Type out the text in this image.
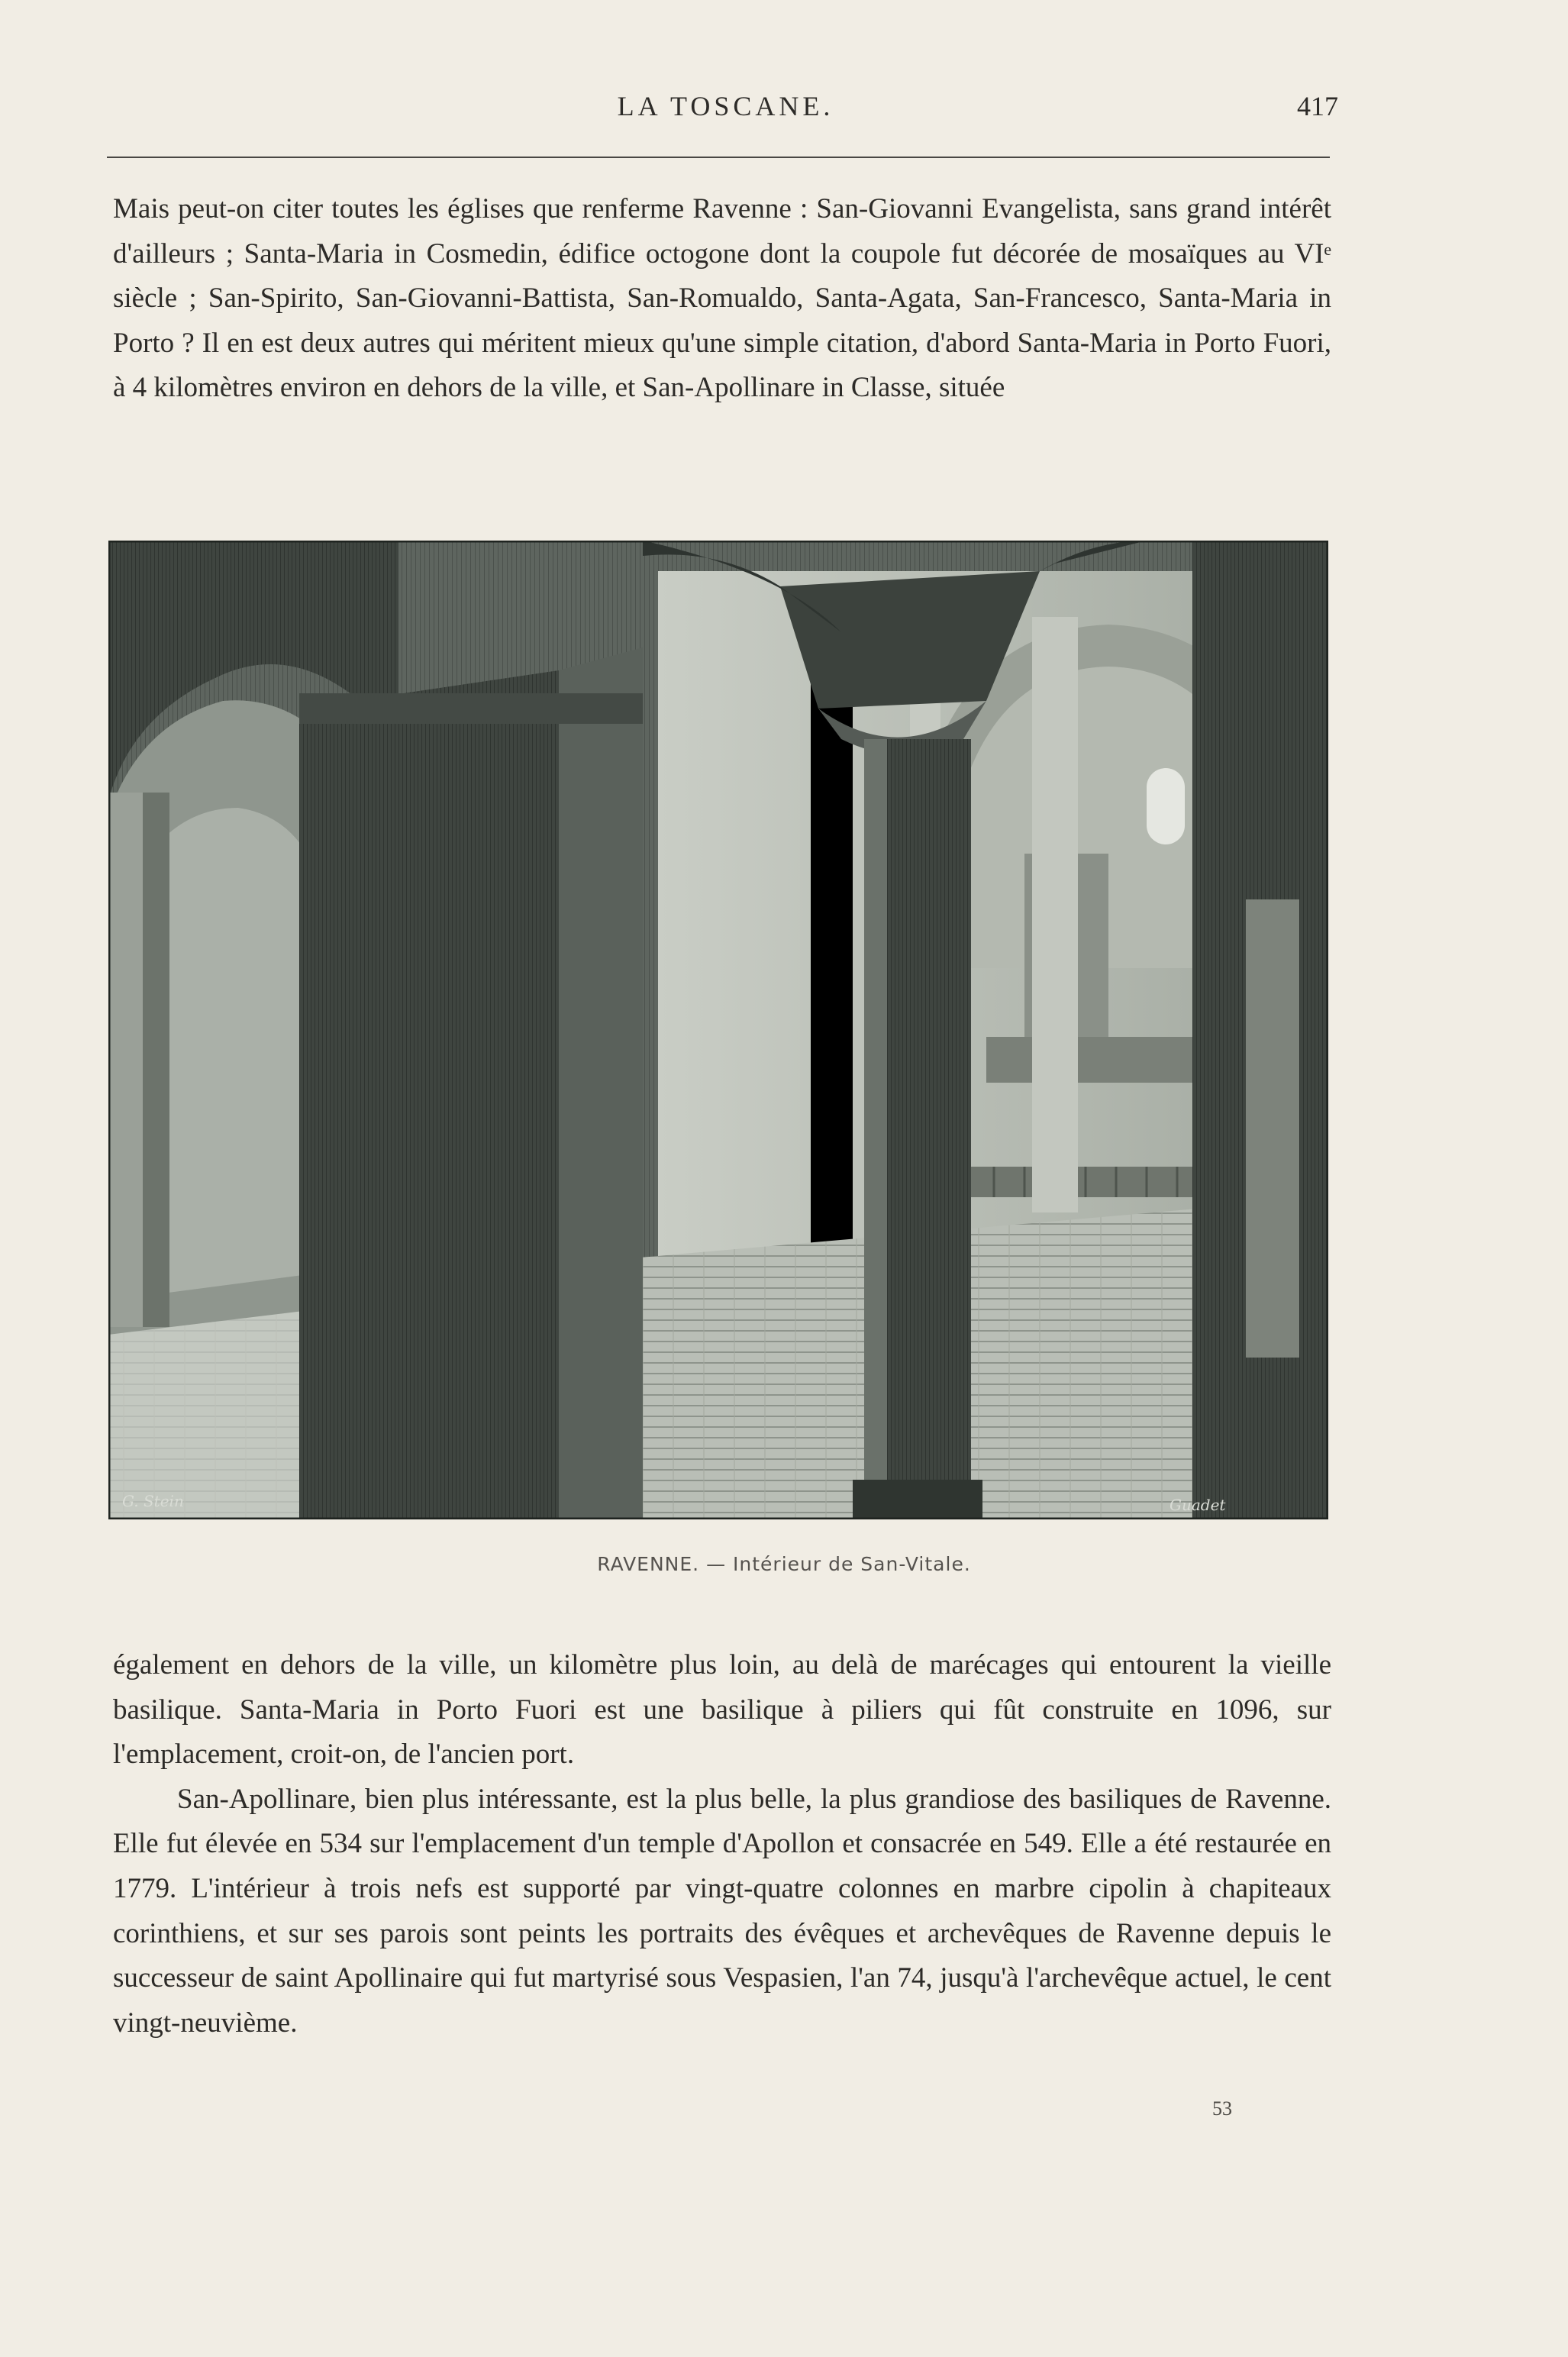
LA TOSCANE.	417

Mais peut-on citer toutes les églises que renferme Ravenne : San-Giovanni Evangelista, sans grand intérêt d'ailleurs ; Santa-Maria in Cosmedin, édifice octogone dont la coupole fut décorée de mosaïques au VIᵉ siècle ; San-Spirito, San-Giovanni-Battista, San-Romualdo, Santa-Agata, San-Francesco, Santa-Maria in Porto ? Il en est deux autres qui méritent mieux qu'une simple citation, d'abord Santa-Maria in Porto Fuori, à 4 kilomètres environ en dehors de la ville, et San-Apollinare in Classe, située

G. Stein	Guadet
RAVENNE. — Intérieur de San-Vitale.

également en dehors de la ville, un kilomètre plus loin, au delà de marécages qui entourent la vieille basilique. Santa-Maria in Porto Fuori est une basilique à piliers qui fût construite en 1096, sur l'emplacement, croit-on, de l'ancien port.

San-Apollinare, bien plus intéressante, est la plus belle, la plus grandiose des basiliques de Ravenne. Elle fut élevée en 534 sur l'emplacement d'un temple d'Apollon et consacrée en 549. Elle a été restaurée en 1779. L'intérieur à trois nefs est supporté par vingt-quatre colonnes en marbre cipolin à chapiteaux corinthiens, et sur ses parois sont peints les portraits des évêques et archevêques de Ravenne depuis le successeur de saint Apollinaire qui fut martyrisé sous Vespasien, l'an 74, jusqu'à l'archevêque actuel, le cent vingt-neuvième.

53
